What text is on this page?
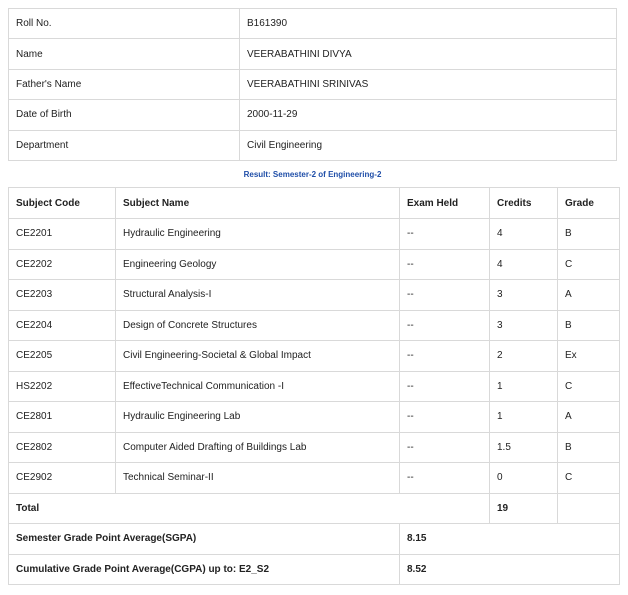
Roll No.	B161390
Name	VEERABATHINI DIVYA
Father's Name	VEERABATHINI SRINIVAS
Date of Birth	2000-11-29
Department	Civil Engineering
Result: Semester-2 of Engineering-2
Subject Code	Subject Name	Exam Held	Credits	Grade
CE2201	Hydraulic Engineering	--	4	B
CE2202	Engineering Geology	--	4	C
CE2203	Structural Analysis-I	--	3	A
CE2204	Design of Concrete Structures	--	3	B
CE2205	Civil Engineering-Societal & Global Impact	--	2	Ex
HS2202	EffectiveTechnical Communication -I	--	1	C
CE2801	Hydraulic Engineering Lab	--	1	A
CE2802	Computer Aided Drafting of Buildings Lab	--	1.5	B
CE2902	Technical Seminar-II	--	0	C
Total			19	
Semester Grade Point Average(SGPA)		8.15		
Cumulative Grade Point Average(CGPA) up to: E2_S2		8.52		
